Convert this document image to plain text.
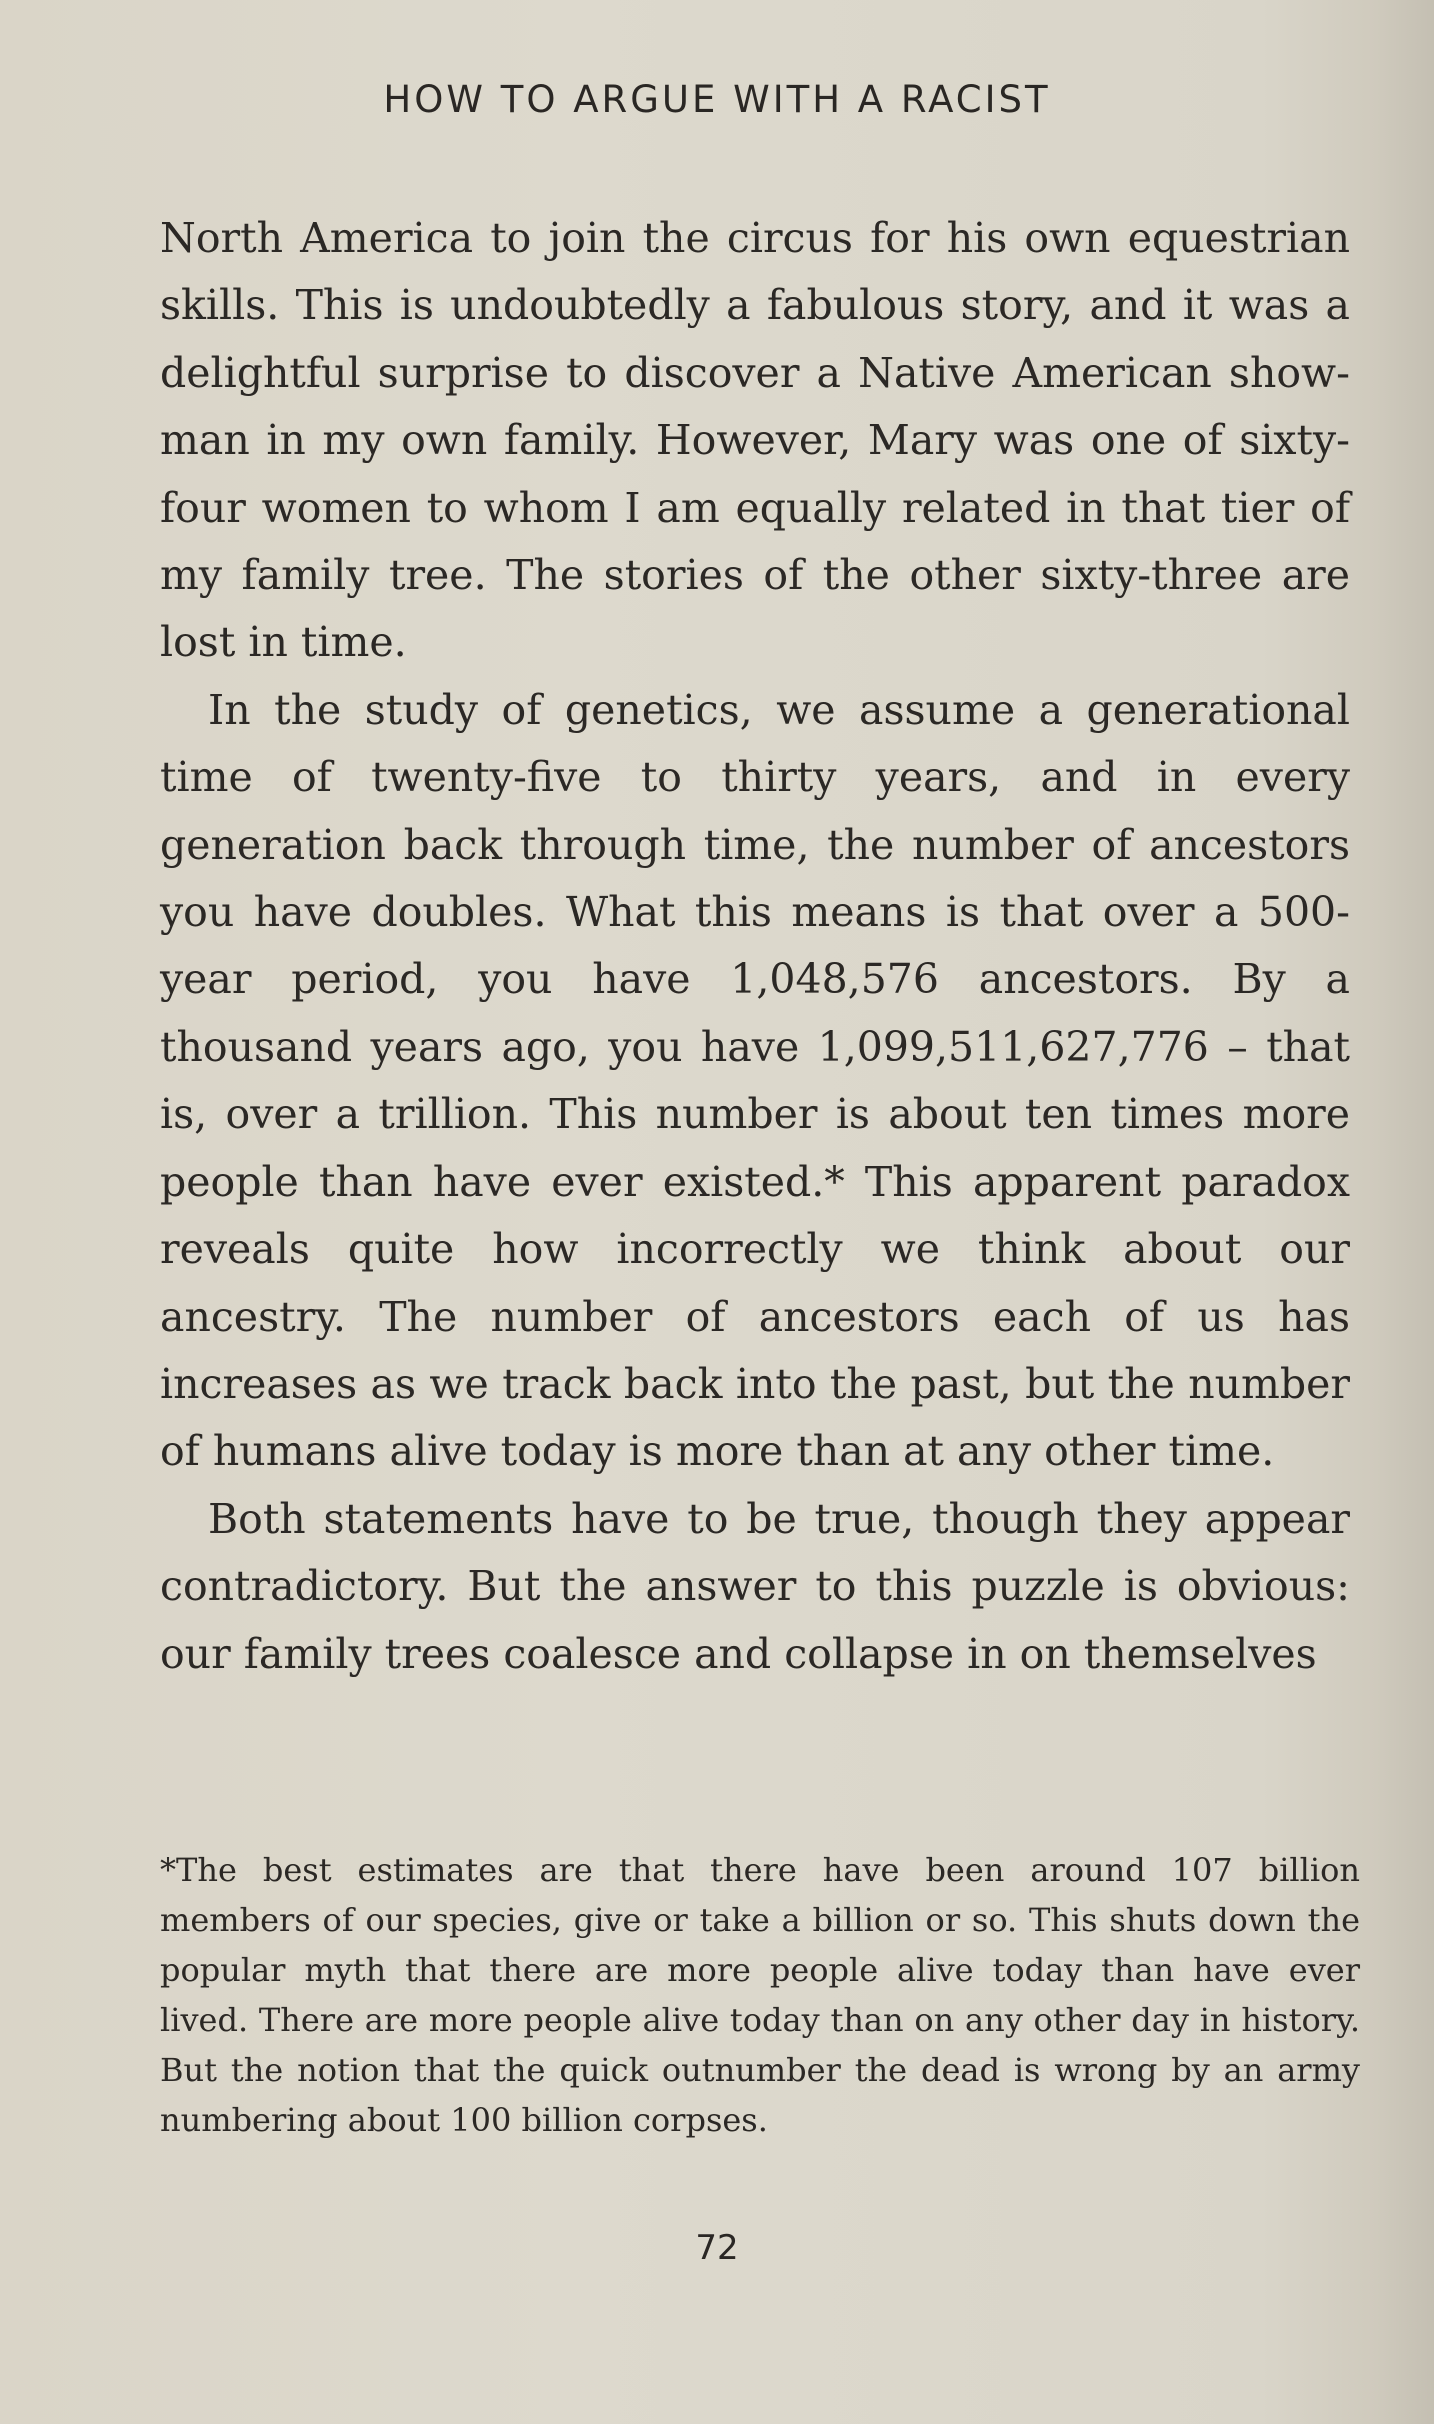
HOW TO ARGUE WITH A RACIST

North America to join the circus for his own equestrian skills. This is undoubtedly a fabulous story, and it was a delightful surprise to discover a Native American showman in my own family. However, Mary was one of sixtyfour women to whom I am equally related in that tier of my family tree. The stories of the other sixty-three are lost in time.

In the study of genetics, we assume a generational time of twenty-five to thirty years, and in every generation back through time, the number of ancestors you have doubles. What this means is that over a 500-year period, you have 1,048,576 ancestors. By a thousand years ago, you have 1,099,511,627,776 – that is, over a trillion. This number is about ten times more people than have ever existed.* This apparent paradox reveals quite how incorrectly we think about our ancestry. The number of ancestors each of us has increases as we track back into the past, but the number of humans alive today is more than at any other time.

Both statements have to be true, though they appear contradictory. But the answer to this puzzle is obvious: our family trees coalesce and collapse in on themselves

*The best estimates are that there have been around 107 billion members of our species, give or take a billion or so. This shuts down the popular myth that there are more people alive today than have ever lived. There are more people alive today than on any other day in history. But the notion that the quick outnumber the dead is wrong by an army numbering about 100 billion corpses.

72
